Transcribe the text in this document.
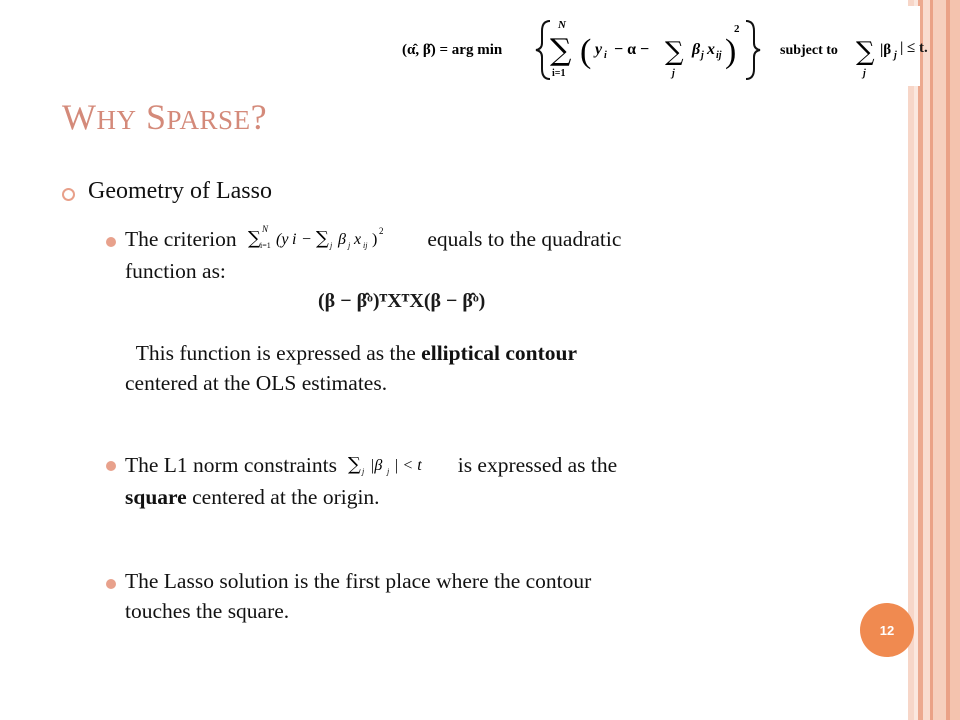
(α̂, β̂) = arg min ∑
N
i=1
( y i − α − ∑
j
β j x ij )
2
subject to ∑
j
|β j | ≤ t.
WHY SPARSE?
Geometry of Lasso
The criterion ∑ N
i=1 (y i − ∑ j β j x ij ) 2 equals to the quadratic
function as:
(β − β̂ᵒ)ᵀXᵀX(β − β̂ᵒ)
This function is expressed as the elliptical contour
centered at the OLS estimates.
The L1 norm constraints ∑ j |β j | < t is expressed as the
square centered at the origin.
The Lasso solution is the first place where the contour
touches the square.
12
